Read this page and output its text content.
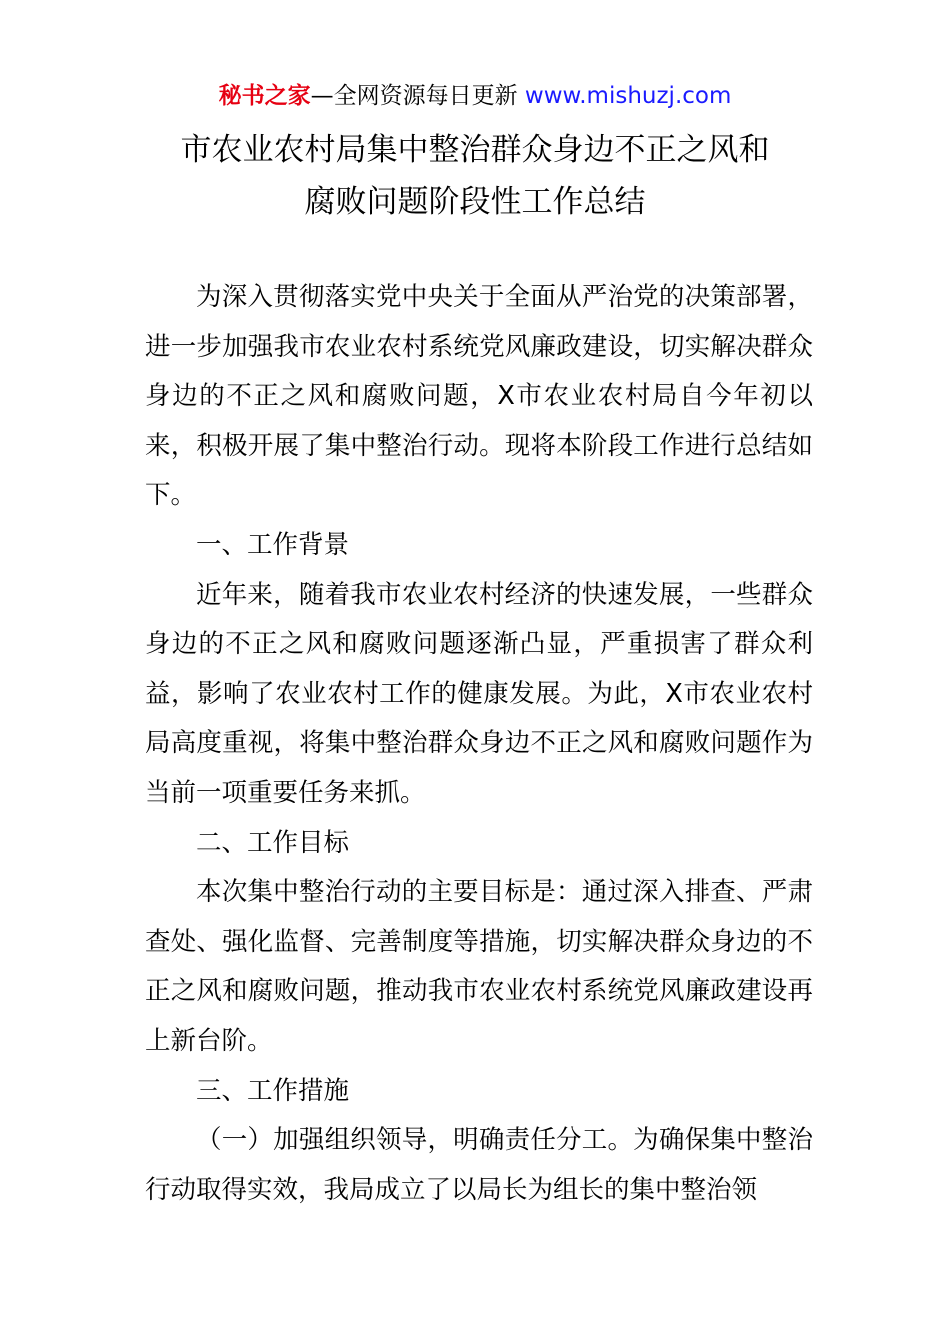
秘书之家—全网资源每日更新 www.mishuzj.com
市农业农村局集中整治群众身边不正之风和
腐败问题阶段性工作总结

为深入贯彻落实党中央关于全面从严治党的决策部署，进一步加强我市农业农村系统党风廉政建设，切实解决群众身边的不正之风和腐败问题，X市农业农村局自今年初以来，积极开展了集中整治行动。现将本阶段工作进行总结如下。

一、工作背景

近年来，随着我市农业农村经济的快速发展，一些群众身边的不正之风和腐败问题逐渐凸显，严重损害了群众利益，影响了农业农村工作的健康发展。为此，X市农业农村局高度重视，将集中整治群众身边不正之风和腐败问题作为当前一项重要任务来抓。

二、工作目标

本次集中整治行动的主要目标是：通过深入排查、严肃查处、强化监督、完善制度等措施，切实解决群众身边的不正之风和腐败问题，推动我市农业农村系统党风廉政建设再上新台阶。

三、工作措施

（一）加强组织领导，明确责任分工。为确保集中整治行动取得实效，我局成立了以局长为组长的集中整治领
